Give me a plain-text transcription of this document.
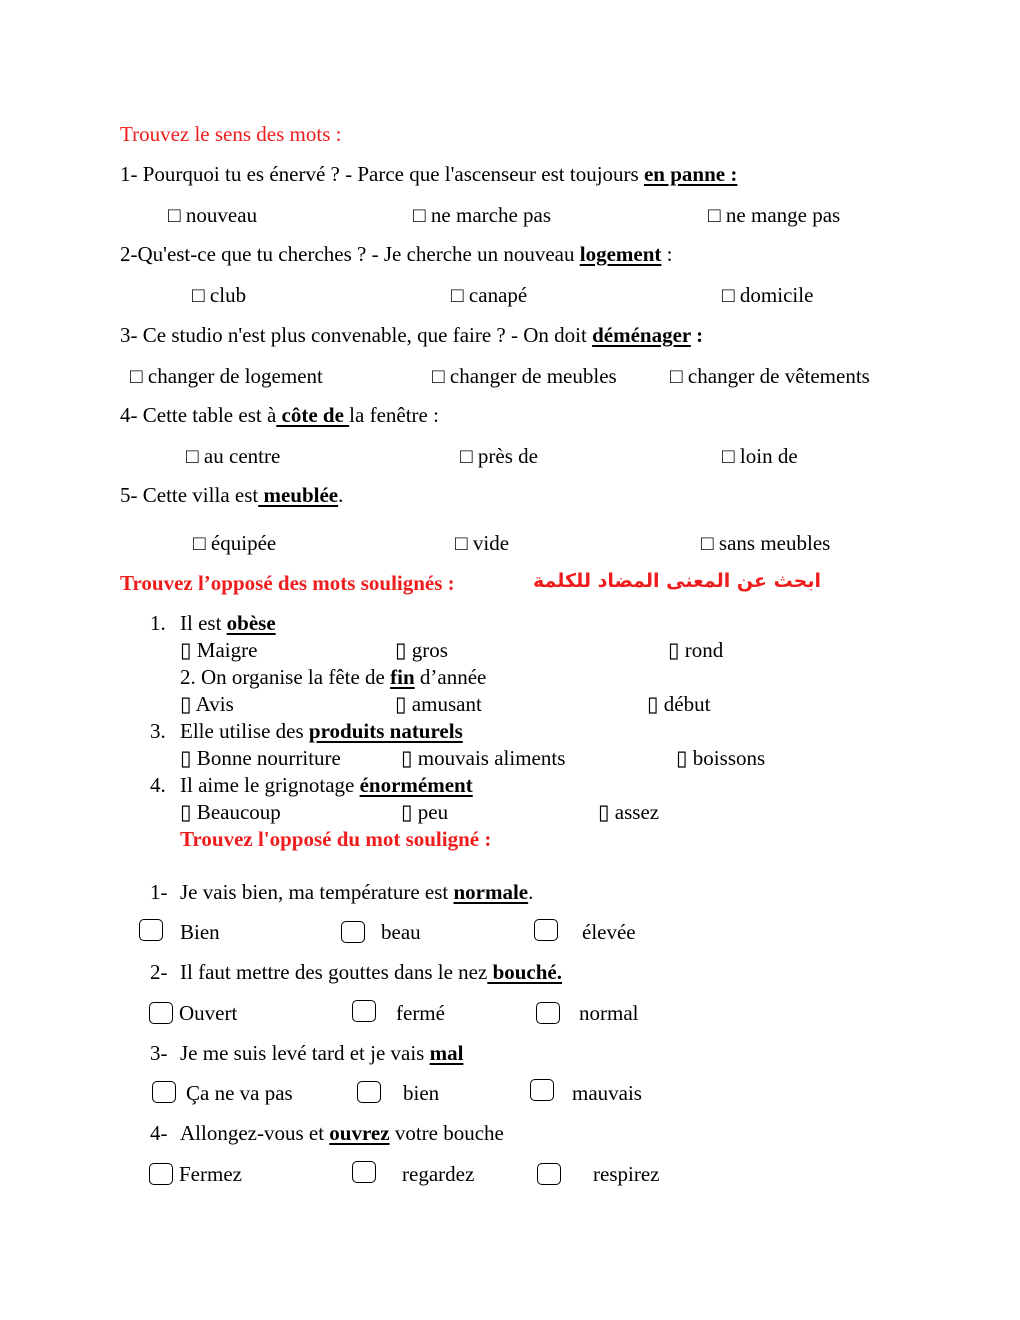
Trouvez le sens des mots :
1- Pourquoi tu es énervé ? - Parce que l'ascenseur est toujours en panne :
□ nouveau	□ ne marche pas	□ ne mange pas
2-Qu'est-ce que tu cherches ? - Je cherche un nouveau logement :
□ club	□ canapé	□ domicile
3- Ce studio n'est plus convenable, que faire ? - On doit déménager :
□ changer de logement	□ changer de meubles	□ changer de vêtements
4- Cette table est à côte de la fenêtre :
□ au centre	□ près de	□ loin de
5- Cette villa est meublée.
□ équipée	□ vide	□ sans meubles
Trouvez l’opposé des mots soulignés :	ابحث عن المعنى المضاد للكلمة
1. Il est obèse
▯ Maigre	▯ gros	▯ rond
2. On organise la fête de fin d’année
▯ Avis	▯ amusant	▯ début
3. Elle utilise des produits naturels
▯ Bonne nourriture	▯ mouvais aliments	▯ boissons
4. Il aime le grignotage énormément
▯ Beaucoup	▯ peu	▯ assez
Trouvez l'opposé du mot souligné :
1- Je vais bien, ma température est normale.
Bien	beau	élevée
2- Il faut mettre des gouttes dans le nez bouché.
Ouvert	fermé	normal
3- Je me suis levé tard et je vais mal
Ça ne va pas	bien	mauvais
4- Allongez-vous et ouvrez votre bouche
Fermez	regardez	respirez
